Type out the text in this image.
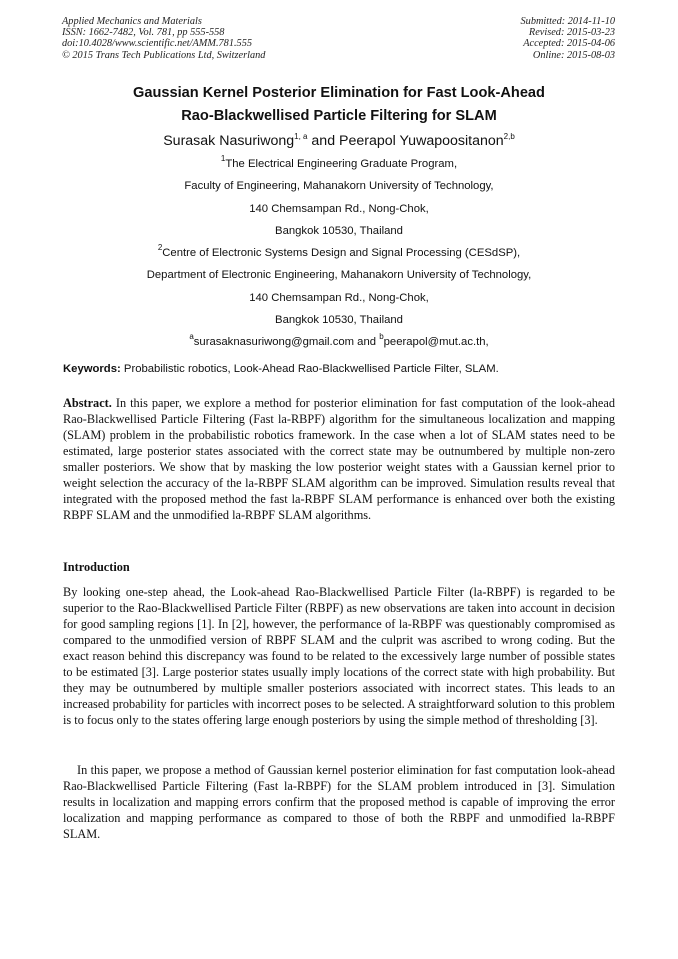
Applied Mechanics and Materials
ISSN: 1662-7482, Vol. 781, pp 555-558
doi:10.4028/www.scientific.net/AMM.781.555
© 2015 Trans Tech Publications Ltd, Switzerland
Submitted: 2014-11-10
Revised: 2015-03-23
Accepted: 2015-04-06
Online: 2015-08-03
Gaussian Kernel Posterior Elimination for Fast Look-Ahead
Rao-Blackwellised Particle Filtering for SLAM
Surasak Nasuriwong$^{1, a}$ and Peerapol Yuwapoositanon$^{2,b}$
$^1$The Electrical Engineering Graduate Program,
Faculty of Engineering, Mahanakorn University of Technology,
140 Chemsampan Rd., Nong-Chok,
Bangkok 10530, Thailand
$^2$Centre of Electronic Systems Design and Signal Processing (CESdSP),
Department of Electronic Engineering, Mahanakorn University of Technology,
140 Chemsampan Rd., Nong-Chok,
Bangkok 10530, Thailand
$^a$surasaknasuriwong@gmail.com and $^b$peerapol@mut.ac.th,
Keywords: Probabilistic robotics, Look-Ahead Rao-Blackwellised Particle Filter, SLAM.
Abstract. In this paper, we explore a method for posterior elimination for fast computation of the look-ahead Rao-Blackwellised Particle Filtering (Fast la-RBPF) algorithm for the simultaneous localization and mapping (SLAM) problem in the probabilistic robotics framework. In the case when a lot of SLAM states need to be estimated, large posterior states associated with the correct state may be outnumbered by multiple non-zero smaller posteriors. We show that by masking the low posterior weight states with a Gaussian kernel prior to weight selection the accuracy of the la-RBPF SLAM algorithm can be improved. Simulation results reveal that integrated with the proposed method the fast la-RBPF SLAM performance is enhanced over both the existing RBPF SLAM and the unmodified la-RBPF SLAM algorithms.
Introduction
By looking one-step ahead, the Look-ahead Rao-Blackwellised Particle Filter (la-RBPF) is regarded to be superior to the Rao-Blackwellised Particle Filter (RBPF) as new observations are taken into account in decision for good sampling regions [1]. In [2], however, the performance of la-RBPF was questionably compromised as compared to the unmodified version of RBPF SLAM and the culprit was ascribed to wrong coding. But the exact reason behind this discrepancy was found to be related to the excessively large number of possible states to be estimated [3]. Large posterior states usually imply locations of the correct state with high probability. But they may be outnumbered by multiple smaller posteriors associated with incorrect states. This leads to an increased probability for particles with incorrect poses to be selected. A straightforward solution to this problem is to focus only to the states offering large enough posteriors by using the simple method of thresholding [3].
In this paper, we propose a method of Gaussian kernel posterior elimination for fast computation look-ahead Rao-Blackwellised Particle Filtering (Fast la-RBPF) for the SLAM problem introduced in [3]. Simulation results in localization and mapping errors confirm that the proposed method is capable of improving the error localization and mapping performance as compared to those of both the RBPF and unmodified la-RBPF SLAM.
